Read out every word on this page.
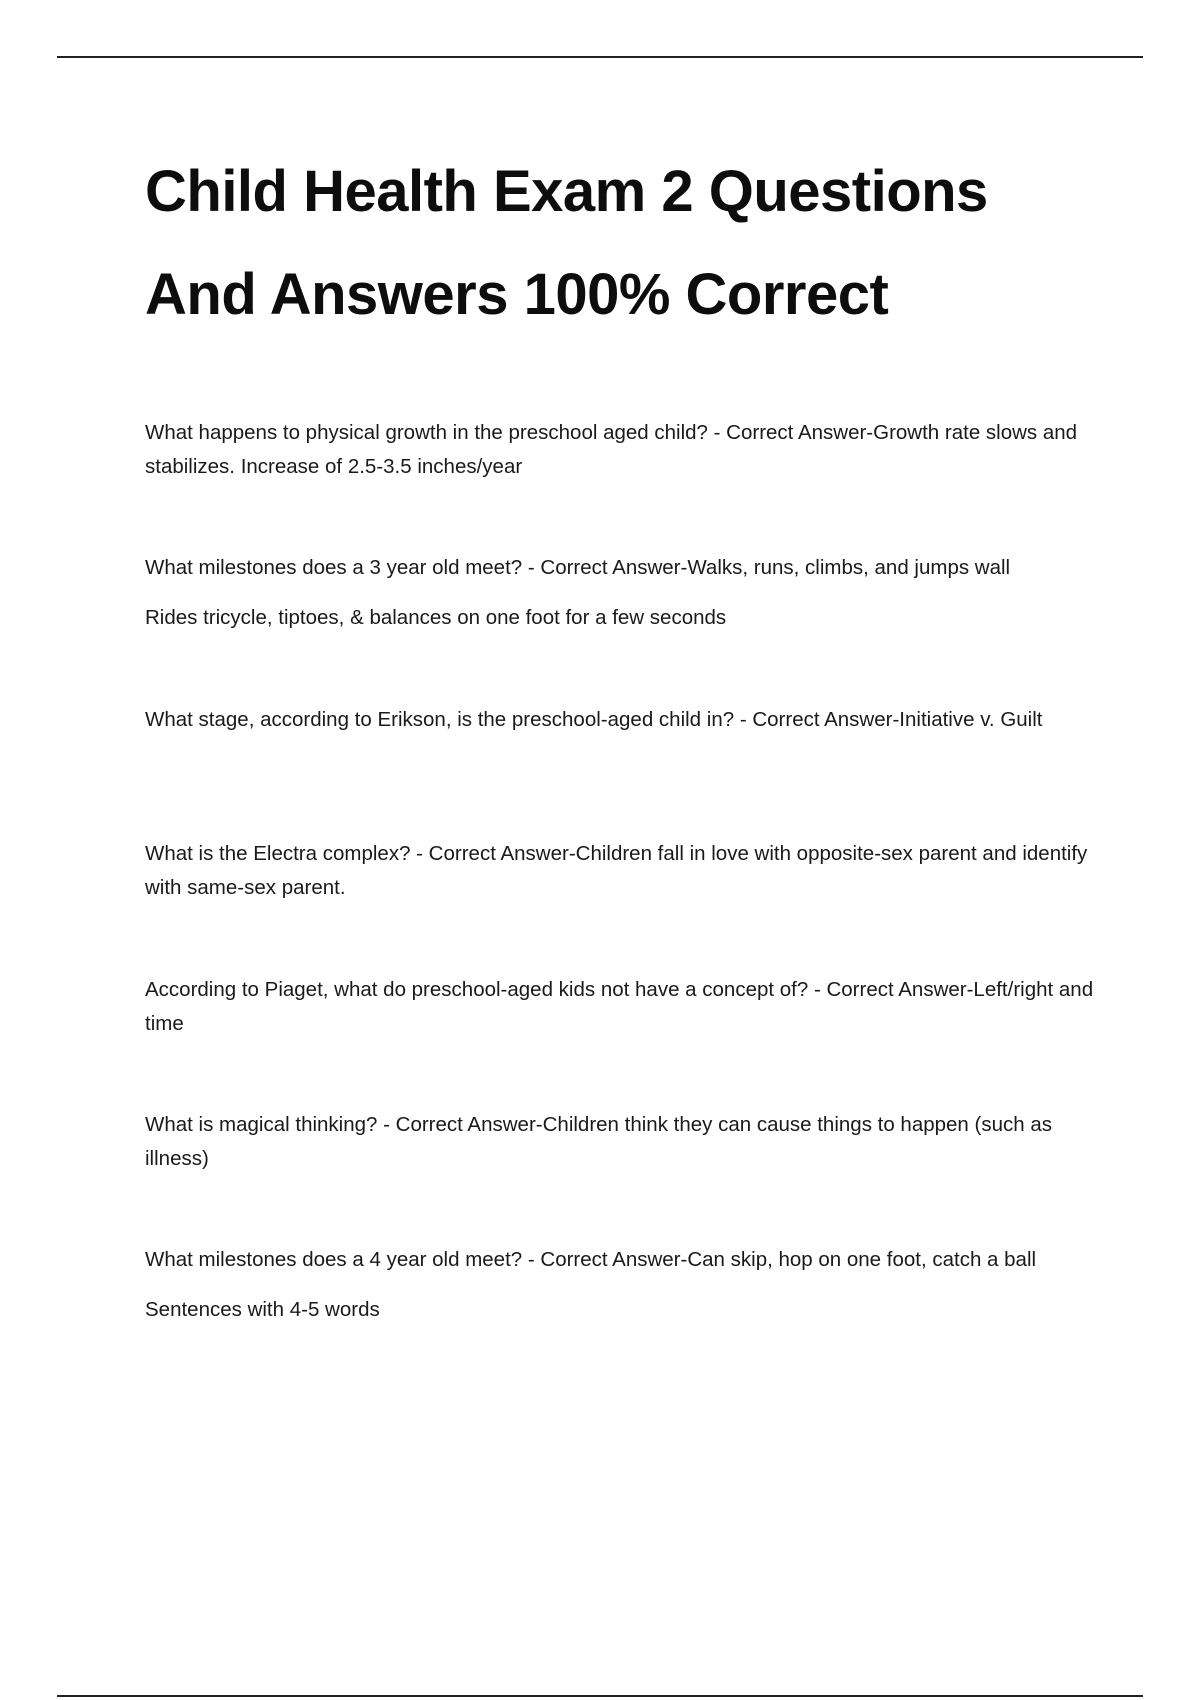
Child Health Exam 2 Questions
And Answers 100% Correct

What happens to physical growth in the preschool aged child? - Correct Answer-Growth rate slows and stabilizes. Increase of 2.5-3.5 inches/year

What milestones does a 3 year old meet? - Correct Answer-Walks, runs, climbs, and jumps wall

Rides tricycle, tiptoes, & balances on one foot for a few seconds

What stage, according to Erikson, is the preschool-aged child in? - Correct Answer-Initiative v. Guilt

What is the Electra complex? - Correct Answer-Children fall in love with opposite-sex parent and identify with same-sex parent.

According to Piaget, what do preschool-aged kids not have a concept of? - Correct Answer-Left/right and time

What is magical thinking? - Correct Answer-Children think they can cause things to happen (such as illness)

What milestones does a 4 year old meet? - Correct Answer-Can skip, hop on one foot, catch a ball

Sentences with 4-5 words
